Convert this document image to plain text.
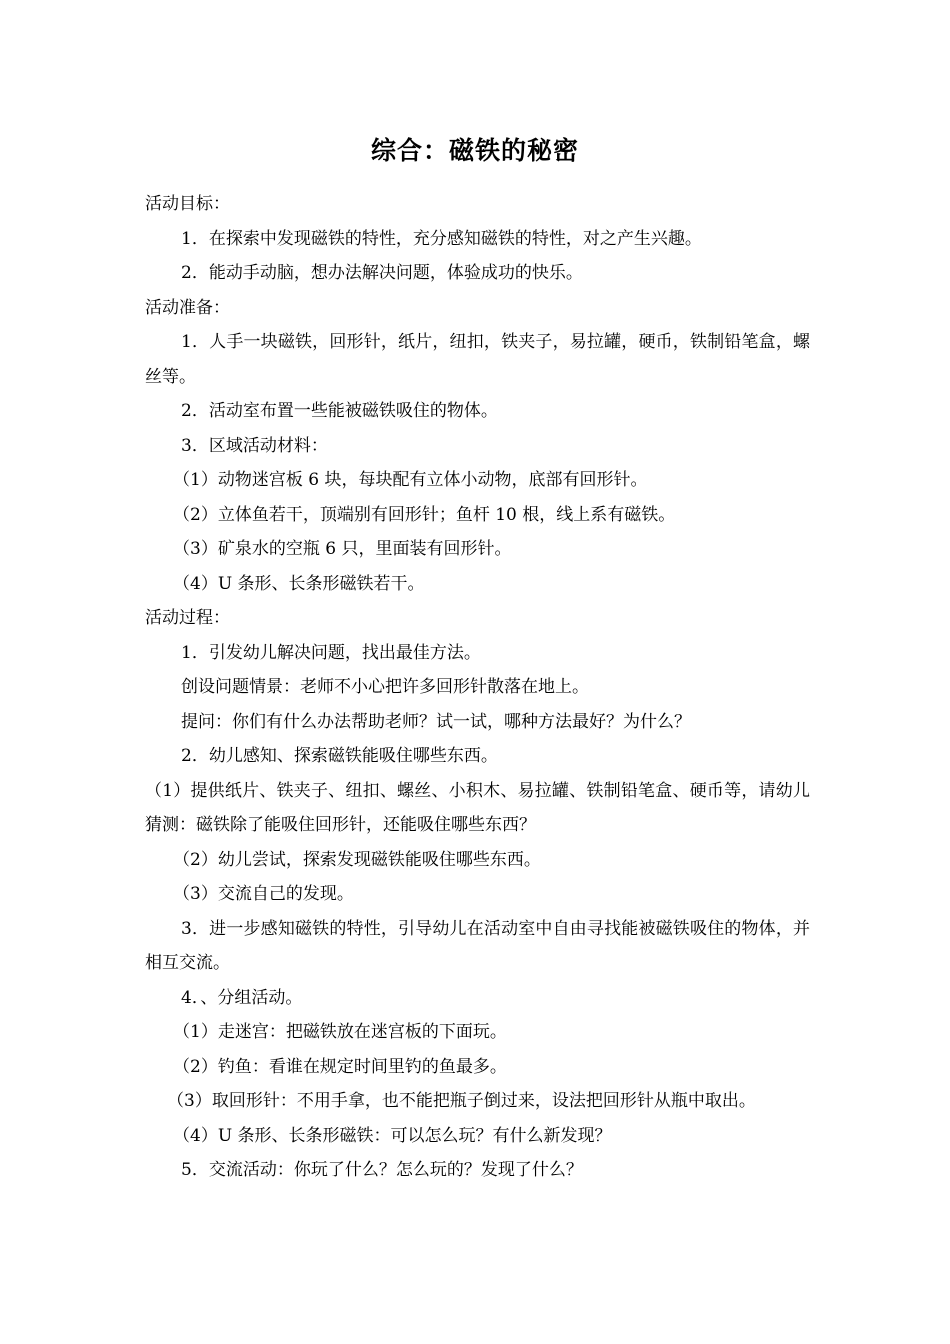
综合：磁铁的秘密

活动目标：

1．在探索中发现磁铁的特性，充分感知磁铁的特性，对之产生兴趣。

2．能动手动脑，想办法解决问题，体验成功的快乐。

活动准备：

1．人手一块磁铁，回形针，纸片，纽扣，铁夹子，易拉罐，硬币，铁制铅笔盒，螺丝等。

2．活动室布置一些能被磁铁吸住的物体。

3．区域活动材料：

（1）动物迷宫板 6 块，每块配有立体小动物，底部有回形针。

（2）立体鱼若干，顶端别有回形针；鱼杆 10 根，线上系有磁铁。

（3）矿泉水的空瓶 6 只，里面装有回形针。

（4）U 条形、长条形磁铁若干。

活动过程：

1．引发幼儿解决问题，找出最佳方法。

创设问题情景：老师不小心把许多回形针散落在地上。

提问：你们有什么办法帮助老师？试一试，哪种方法最好？为什么？

2．幼儿感知、探索磁铁能吸住哪些东西。

（1）提供纸片、铁夹子、纽扣、螺丝、小积木、易拉罐、铁制铅笔盒、硬币等，请幼儿猜测：磁铁除了能吸住回形针，还能吸住哪些东西？

（2）幼儿尝试，探索发现磁铁能吸住哪些东西。

（3）交流自己的发现。

3．进一步感知磁铁的特性，引导幼儿在活动室中自由寻找能被磁铁吸住的物体，并相互交流。

4．、分组活动。

（1）走迷宫：把磁铁放在迷宫板的下面玩。

（2）钓鱼：看谁在规定时间里钓的鱼最多。

（3）取回形针：不用手拿，也不能把瓶子倒过来，设法把回形针从瓶中取出。

（4）U 条形、长条形磁铁：可以怎么玩？有什么新发现？

5．交流活动：你玩了什么？怎么玩的？发现了什么？
